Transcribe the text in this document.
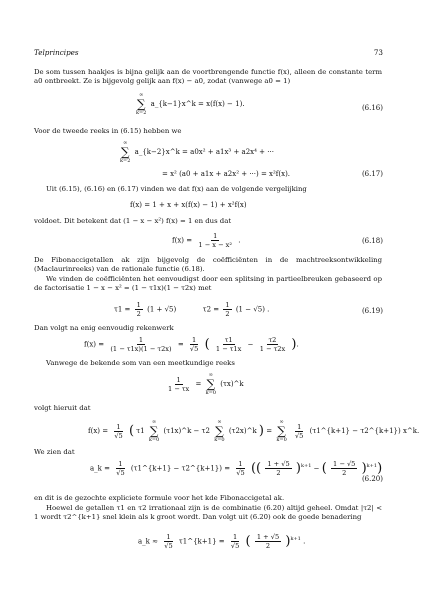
Telprincipes	73
De som tussen haakjes is bijna gelijk aan de voortbrengende functie f(x), alleen de constante term a0 ontbreekt. Ze is bijgevolg gelijk aan f(x) − a0, zodat (vanwege a0 = 1)
∞
∑
k=2
a_{k−1}x^k = x(f(x) − 1).	(6.16)
Voor de tweede reeks in (6.15) hebben we
∞
∑
k=2
a_{k−2}x^k = a0x² + a1x³ + a2x⁴ + ···
= x² (a0 + a1x + a2x² + ···) = x²f(x).	(6.17)
Uit (6.15), (6.16) en (6.17) vinden we dat f(x) aan de volgende vergelijking
f(x) = 1 + x + x(f(x) − 1) + x²f(x)
voldoet. Dit betekent dat (1 − x − x²) f(x) = 1 en dus dat
$f(x) = \frac{1}{\text{1 − x − x²}}$ .	(6.18)
De Fibonaccigetallen ak zijn bijgevolg de coëfficiënten in de machtreeksontwikkeling (Maclaurinreeks) van de rationale functie (6.18).
We vinden de coëfficiënten het eenvoudigst door een splitsing in partieelbreuken gebaseerd op de factorisatie 1 − x − x² = (1 − τ1x)(1 − τ2x) met
$\tau 1 = \frac{1}{2} (1 + √5)$	$\tau 2 = \frac{1}{2} (1 - √5)$ .	(6.19)
Dan volgt na enig eenvoudig rekenwerk
$f(x) = \frac{1}{(1 - \tau 1x)(1 - \tau 2x)} = \frac{1}{√5}$ ( $\frac{\tau 1}{1 - \tau 1x} - \frac{\tau 2}{1 - \tau 2x}$ ).
Vanwege de bekende som van een meetkundige reeks
$\frac{1}{1 - \tau x}$ =
∞
∑
k=0
(τx)^k
volgt hieruit dat
$f(x) = \frac{1}{√5}$ ( τ1
∞
∑
k=0
(τ1x)^k − τ2
∞
∑
k=0
(τ2x)^k ) =
∞
∑
k=0

$\frac{1}{√5}$ (τ1^{k+1} − τ2^{k+1}) x^k.
We zien dat
a_k = $\frac{1}{√5}$ (τ1^{k+1} − τ2^{k+1}) = $\frac{1}{√5}$ (( $\frac{1 + √5}{2} )^{k+1}$ − ( $\frac{1 - √5}{2} )^{k+1}$)
(6.20)
en dit is de gezochte expliciete formule voor het kde Fibonaccigetal ak.
Hoewel de getallen τ1 en τ2 irrationaal zijn is de combinatie (6.20) altijd geheel. Omdat |τ2| < 1 wordt τ2^{k+1} snel klein als k groot wordt. Dan volgt uit (6.20) ook de goede benadering
a_k ≈ $\frac{1}{√5}$ τ1^{k+1} = $\frac{1}{√5}$ ( $\frac{1 + √5}{2} )^{k+1}$ .
